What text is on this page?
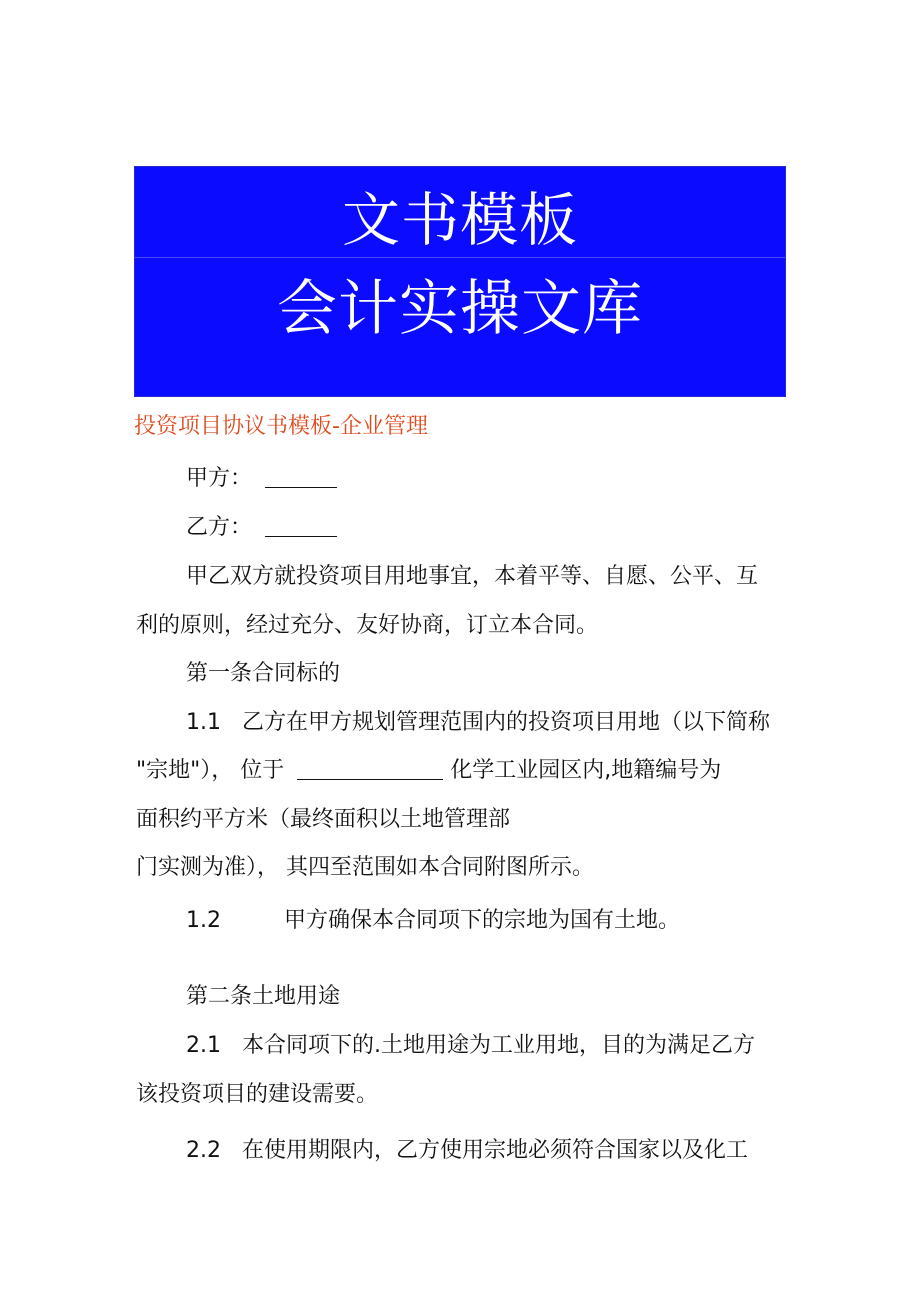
文书模板
会计实操文库
投资项目协议书模板-企业管理
甲方：
乙方：
甲乙双方就投资项目用地事宜，本着平等、自愿、公平、互
利的原则，经过充分、友好协商，订立本合同。
第一条合同标的
1.1 乙方在甲方规划管理范围内的投资项目用地（以下简称
"宗地"）， 位于	化学工业园区内,地籍编号为
面积约平方米（最终面积以土地管理部
门实测为准）， 其四至范围如本合同附图所示。
1.2	甲方确保本合同项下的宗地为国有土地。
第二条土地用途
2.1 本合同项下的.土地用途为工业用地，目的为满足乙方
该投资项目的建设需要。
2.2 在使用期限内，乙方使用宗地必须符合国家以及化工
